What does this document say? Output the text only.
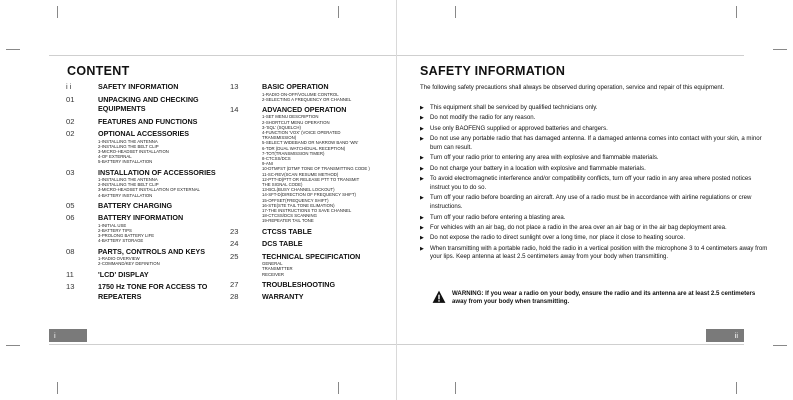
CONTENT
i i	SAFETY INFORMATION
01	UNPACKING AND CHECKING EQUIPMENTS
02	FEATURES AND FUNCTIONS
02	OPTIONAL ACCESSORIES
1-INSTALLING THE ANTENNA
2-INSTALLING THE BELT CLIP
3-MICRO-HEADSET INSTALLATION
4-OF EXTERNAL
5-BATTERY INSTALLATION
03	INSTALLATION OF ACCESSORIES
1-INSTALLING THE ANTENNA
2-INSTALLING THE BELT CLIP
3-MICRO-HEADSET INSTALLATION OF EXTERNAL
4-BATTERY INSTALLATION
05	BATTERY CHARGING
06	BATTERY INFORMATION
1-INITIAL USE
2-BATTERY TIPS
3-PROLONG BATTERY LIFE
4-BATTERY STORAGE
08	PARTS, CONTROLS AND KEYS
1-RADIO OVERVIEW
2-COMMAND/KEY DEFINITION
11	'LCD' DISPLAY
13	1750 Hz TONE FOR ACCESS TO REPEATERS
13	BASIC OPERATION
1-RADIO ON-OFF/VOLUME CONTROL
2-SELECTING A FREQUENCY OR CHANNEL
14	ADVANCED OPERATION
1-SET MENU DESCRIPTION
2-SHORTCUT MENU OPERATION
3-'SQL' (SQUELCH)
4-FUNCTION 'VOX' (VOICE OPERATED
TRANSMISSION)
5-SELECT WIDEBAND OR NARROW BAND 'WN'
6-TDR (DUAL WATCH/DUAL RECEPTION)
7-TOT(TRANSMISSION TIMER)
8-CTCSS/DCS
9-ANI
10-DTMFST (DTMF TONE OF TRANSMITTING CODE )
11-SC-REV(SCAN RESUME METHOD)
12-PTT-ID(PTT OR RELEASE PTT TO TRANSMIT
THE SIGNAL CODE)
13-BCL(BUSY CHANNEL LOCKOUT)
14-SFT-D(DIRECTION OF FREQUENCY SHIFT)
15-OFFSET(FREQUENCY SHIFT)
16-STE(STE TAIL TONE ELIMATION)
17-THE INSTRUCTIONS TO SAVE CHANNEL
18-CTCSS/DCS SCANNING
19-REPEATER TAIL TONE
23	CTCSS TABLE
24	DCS TABLE
25	TECHNICAL SPECIFICATION
GENERAL
TRANSMITTER
RECEIVER
27	TROUBLESHOOTING
28	WARRANTY
SAFETY INFORMATION

The following safety precautions shall always be observed during operation, service and repair of this equipment.

▶ This equipment shall be serviced by qualified technicians only.
▶ Do not modify the radio for any reason.
▶ Use only BAOFENG supplied or approved batteries and chargers.
▶ Do not use any portable radio that has damaged antenna. If a damaged antenna comes into contact with your skin, a minor burn can result.
▶ Turn off your radio prior to entering any area with explosive and flammable materials.
▶ Do not charge your battery in a location with explosive and flammable materials.
▶ To avoid electromagnetic interference and/or compatibility conflicts, turn off your radio in any area where posted notices instruct you to do so.
▶ Turn off your radio before boarding an aircraft. Any use of a radio must be in accordance with airline regulations or crew instructions.
▶ Turn off your radio before entering a blasting area.
▶ For vehicles with an air bag, do not place a radio in the area over an air bag or in the air bag deployment area.
▶ Do not expose the radio to direct sunlight over a long time, nor place it close to heating source.
▶ When transmitting with a portable radio, hold the radio in a vertical position with the microphone 3 to 4 centimeters away from your lips. Keep antenna at least 2.5 centimeters away from your body when transmitting.
WARNING: If you wear a radio on your body, ensure the radio and its antenna are at least 2.5 centimeters away from your body when transmitting.
i	ii
